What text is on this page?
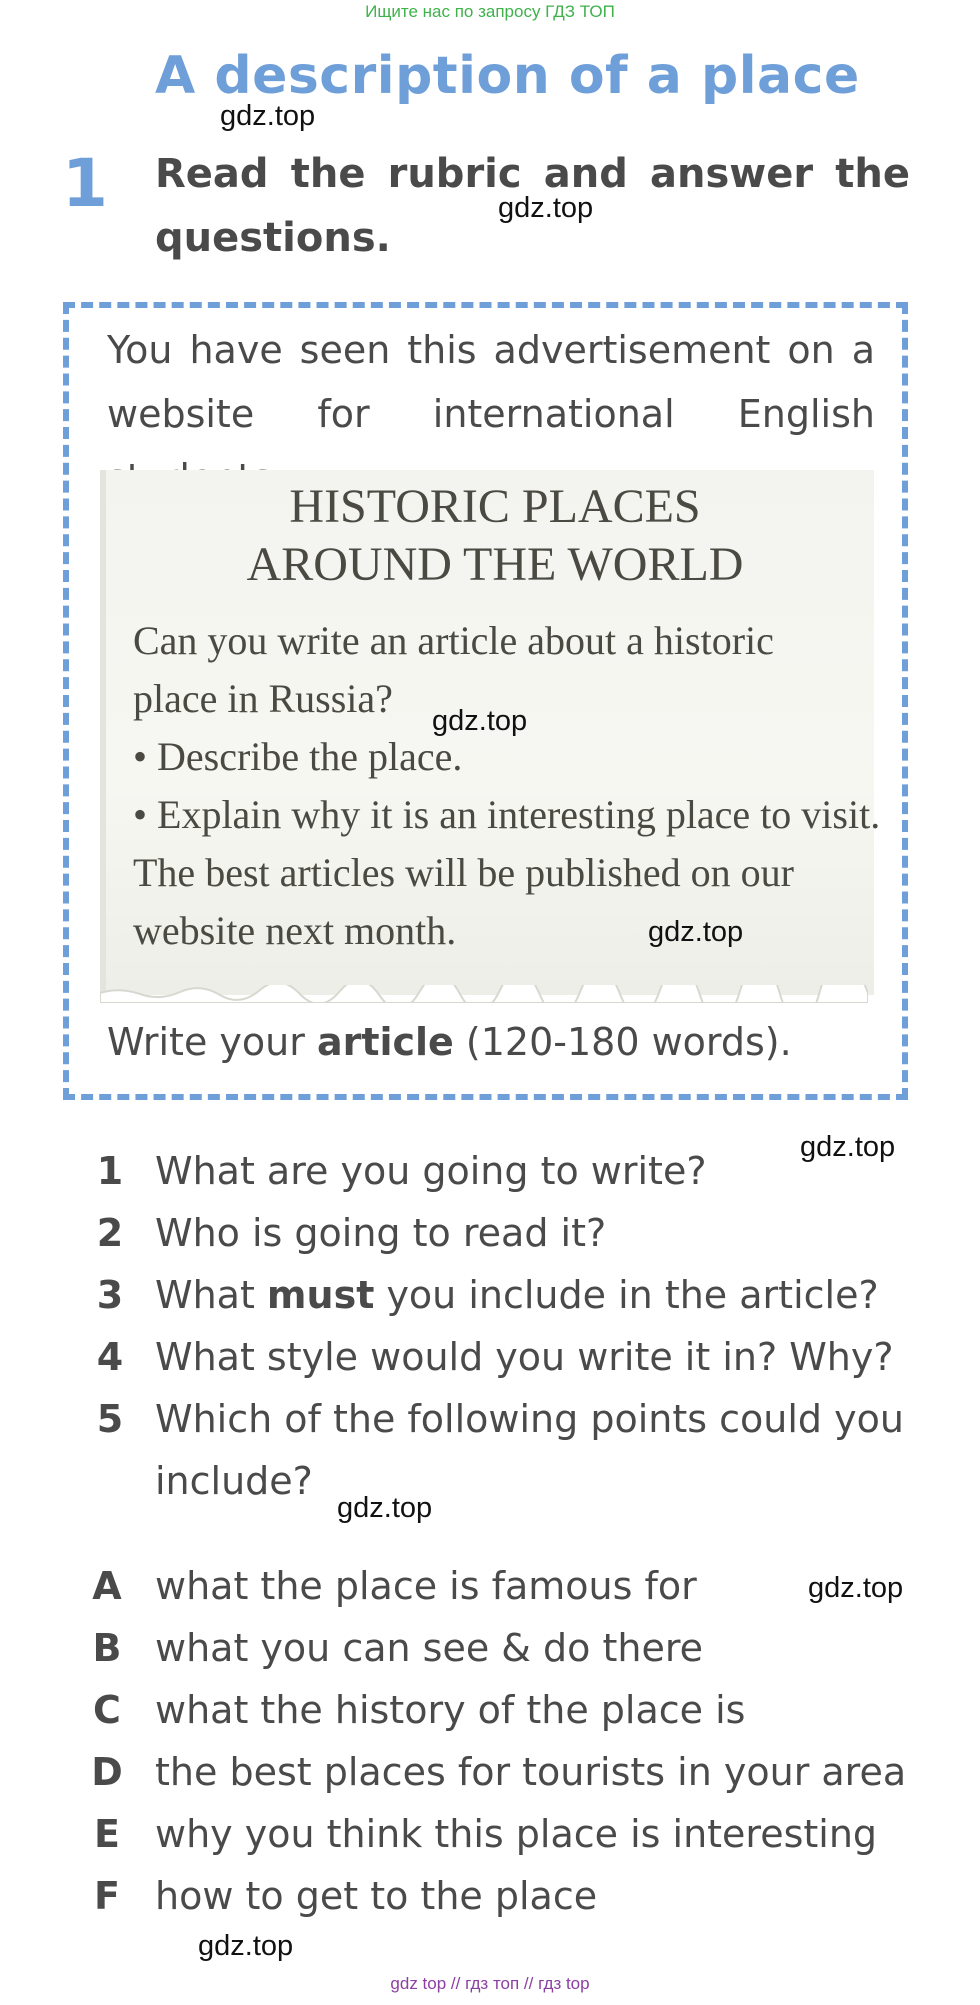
Ищите нас по запросу ГДЗ ТОП
A description of a place
1 Read the rubric and answer the questions.
You have seen this advertisement on a website for international English
HISTORIC PLACES
AROUND THE WORLD
Can you write an article about a historic
place in Russia?
• Describe the place.
• Explain why it is an interesting place to visit.
The best articles will be published on our
website next month.
Write your article (120-180 words).
1 What are you going to write?
2 Who is going to read it?
3 What must you include in the article?
4 What style would you write it in? Why?
5 Which of the following points could you include?
A what the place is famous for
B what you can see & do there
C what the history of the place is
D the best places for tourists in your area
E why you think this place is interesting
F how to get to the place
gdz.top
gdz.top
gdz.top
gdz.top
gdz.top
gdz.top
gdz.top
gdz.top
gdz top // гдз топ // гдз top
